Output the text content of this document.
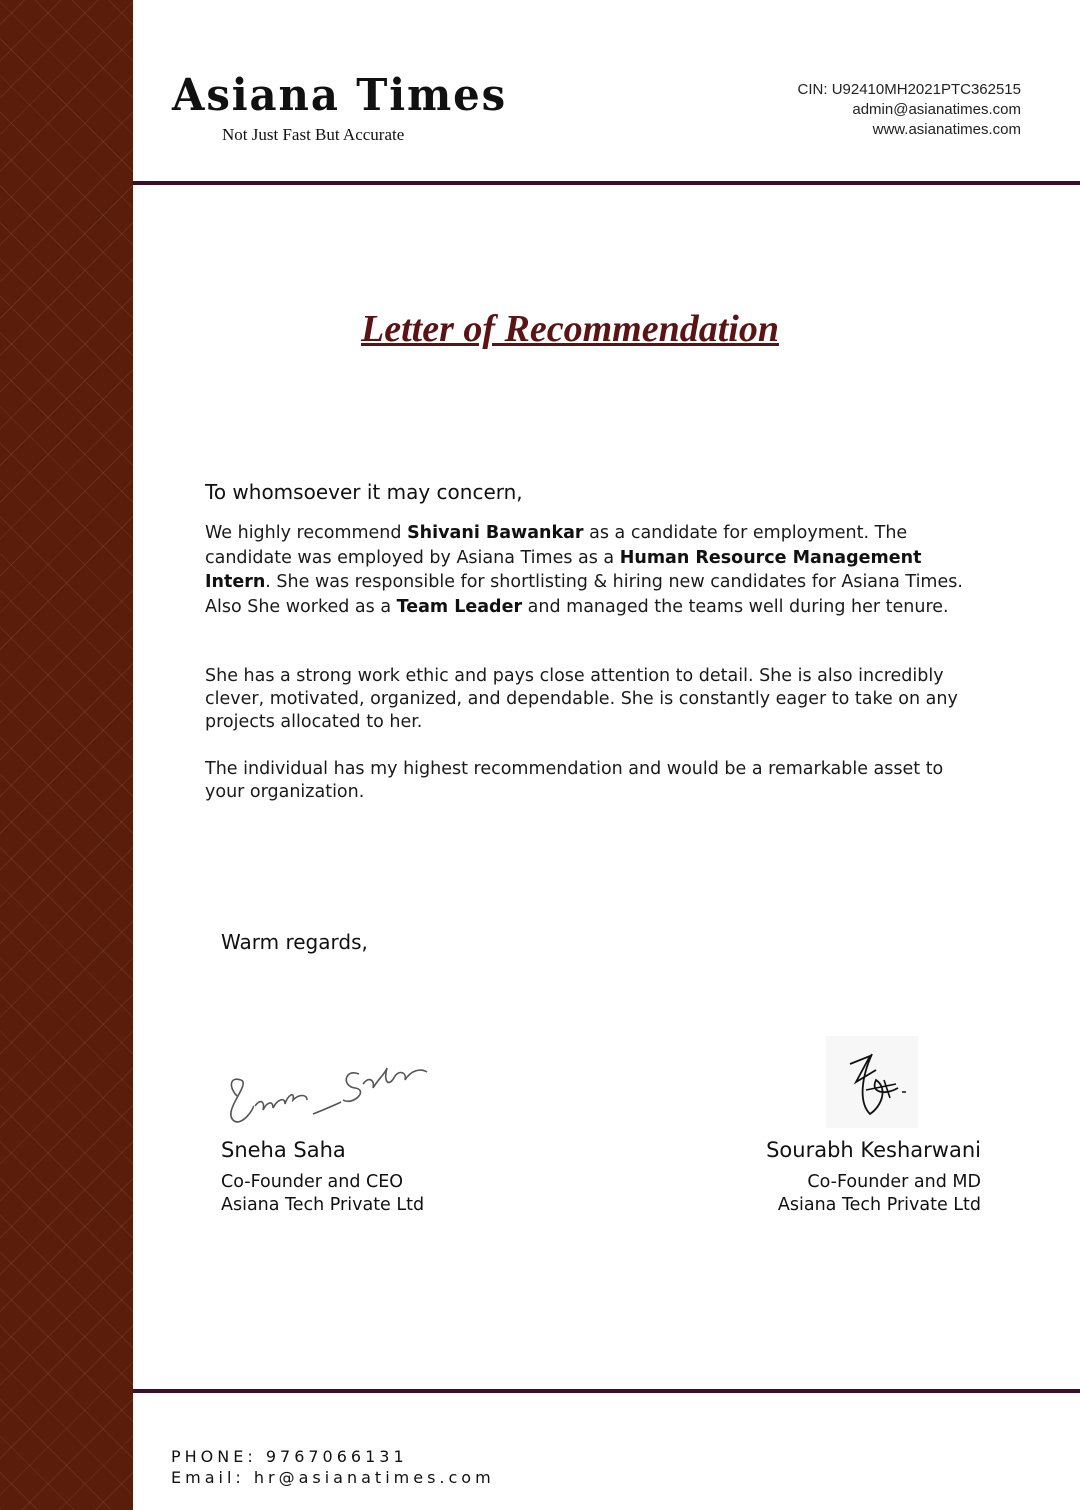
Asiana Times
Not Just Fast But Accurate
CIN: U92410MH2021PTC362515
admin@asianatimes.com
www.asianatimes.com
Letter of Recommendation
To whomsoever it may concern,
We highly recommend Shivani Bawankar as a candidate for employment. The candidate was employed by Asiana Times as a Human Resource Management Intern. She was responsible for shortlisting & hiring new candidates for Asiana Times. Also She worked as a Team Leader and managed the teams well during her tenure.
She has a strong work ethic and pays close attention to detail. She is also incredibly clever, motivated, organized, and dependable. She is constantly eager to take on any projects allocated to her.
The individual has my highest recommendation and would be a remarkable asset to your organization.
Warm regards,
Sneha Saha
Co-Founder and CEO
Asiana Tech Private Ltd
Sourabh Kesharwani
Co-Founder and MD
Asiana Tech Private Ltd
PHONE: 9767066131
Email: hr@asianatimes.com
